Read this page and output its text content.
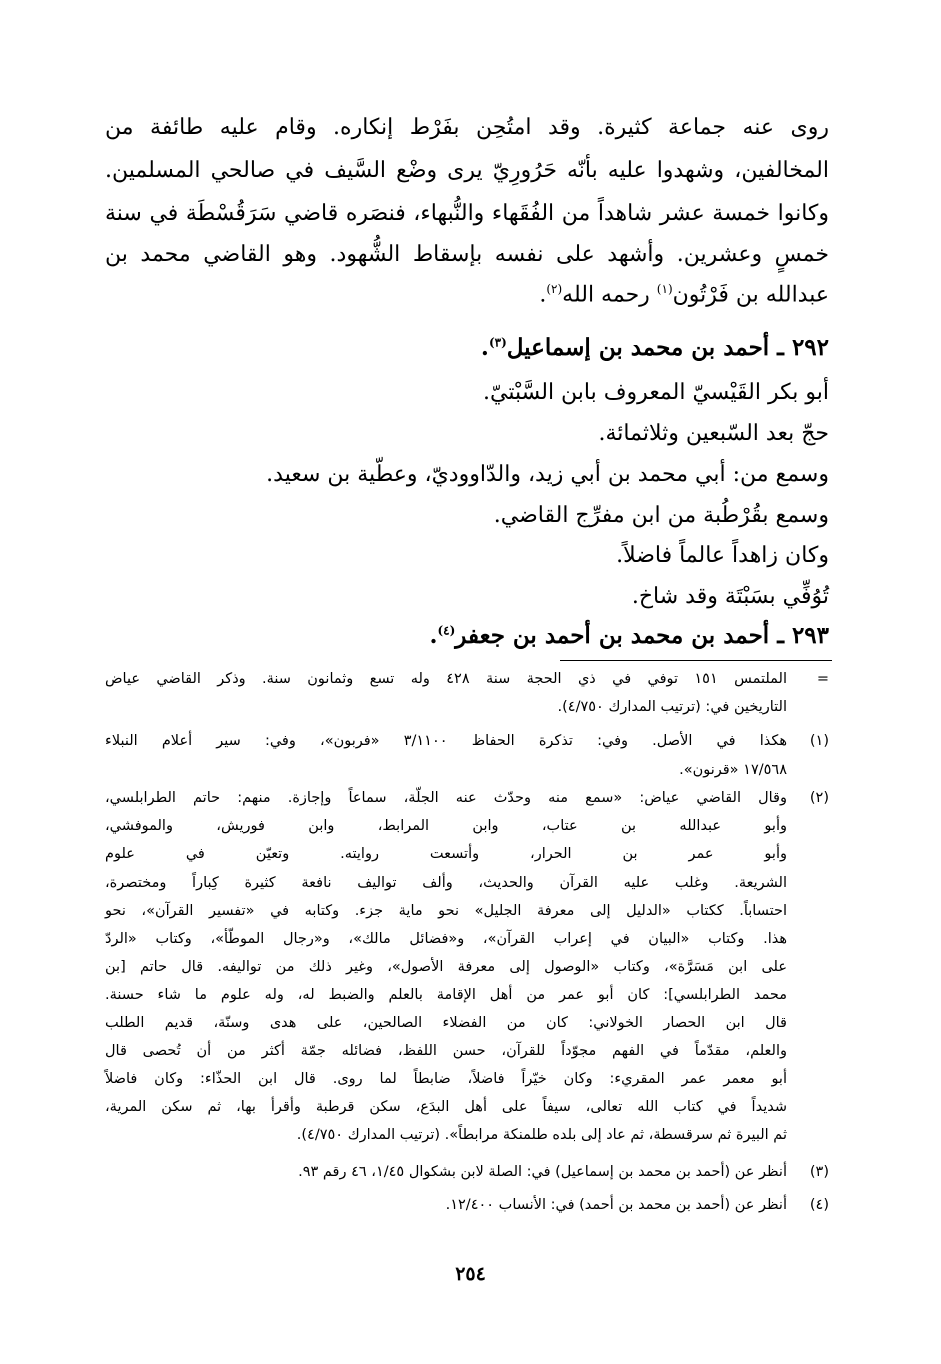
روى عنه جماعة كثيرة. وقد امتُحِن بفَرْط إنكاره. وقام عليه طائفة من
المخالفين، وشهدوا عليه بأنّه حَرُورِيّ يرى وضْع السَّيف في صالحي المسلمين.
وكانوا خمسة عشر شاهداً من الفُقَهاء والنُّبهاء، فنصَره قاضي سَرَقُسْطَة في سنة
خمسٍ وعشرين. وأشهد على نفسه بإسقاط الشُّهود. وهو القاضي محمد بن
عبدالله بن فَرْتُون$^{(١)}$ رحمه الله$^{(٢)}$.
٢٩٢ ـ أحمد بن محمد بن إسماعيل$^{(٣)}$.
أبو بكر القَيْسيّ المعروف بابن السَّبْتيّ.
حجّ بعد السّبعين وثلاثمائة.
وسمع من: أبي محمد بن أبي زيد، والدّاووديّ، وعطّية بن سعيد.
وسمع بقُرْطُبة من ابن مفرِّج القاضي.
وكان زاهداً عالماً فاضلاً.
تُوُفِّي بسَبْتَة وقد شاخ.
٢٩٣ ـ أحمد بن محمد بن أحمد بن جعفر$^{(٤)}$.
=
الملتمس ١٥١ توفي في ذي الحجة سنة ٤٢٨ وله تسع وثمانون سنة. وذكر القاضي عياض
التاريخين في: (ترتيب المدارك ٤/٧٥٠).
(١)
هكذا في الأصل. وفي: تذكرة الحفاظ ٣/١١٠٠ «فربون»، وفي: سير أعلام النبلاء
١٧/٥٦٨ «قرنون».
(٢)
وقال القاضي عياض: «سمع منه وحدّث عنه الجلّة، سماعاً وإجازة. منهم: حاتم الطرابلسي،
وأبو عبدالله بن عتاب، وابن المرابط، وابن فوريش، والموفشي،
وأبو عمر بن الحرار، وأتسعت روايته. وتعيّن في علوم
الشريعة. وغلب عليه القرآن والحديث، وألف تواليف نافعة كثيرة كِباراً ومختصرة،
احتساباً. ككتاب «الدليل إلى معرفة الجليل» نحو ماية جزء. وكتابه في «تفسير القرآن»، نحو
هذا. وكتاب «البيان في إعراب القرآن»، و«فضائل مالك»، و«رجال الموطّأ»، وكتاب «الردّ
على ابن مَسَرَّة»، وكتاب «الوصول إلى معرفة الأصول»، وغير ذلك من تواليفه. قال حاتم [بن
محمد الطرابلسي]: كان أبو عمر من أهل الإقامة بالعلم والضبط له، وله علوم ما شاء حسنة.
قال ابن الحصار الخولاني: كان من الفضلاء الصالحين، على هدى وسنّة، قديم الطلب
والعلم، مقدّماً في الفهم مجوّداً للقرآن، حسن اللفظ، فضائله جمّة أكثر من أن تُحصى قال
أبو معمر عمر المقريء: وكان خيّراً فاضلاً، ضابطاً لما روى. قال ابن الحذّاء: وكان فاضلاً
شديداً في كتاب الله تعالى، سيفاً على أهل البدَع، سكن قرطبة وأقرأ بها، ثم سكن المرية،
ثم البيرة ثم سرقسطة، ثم عاد إلى بلده طلمنكة مرابطاً». (ترتيب المدارك ٤/٧٥٠).
(٣)
أنظر عن (أحمد بن محمد بن إسماعيل) في: الصلة لابن بشكوال ١/٤٥، ٤٦ رقم ٩٣.
(٤)
أنظر عن (أحمد بن محمد بن أحمد) في: الأنساب ١٢/٤٠٠.
٢٥٤
